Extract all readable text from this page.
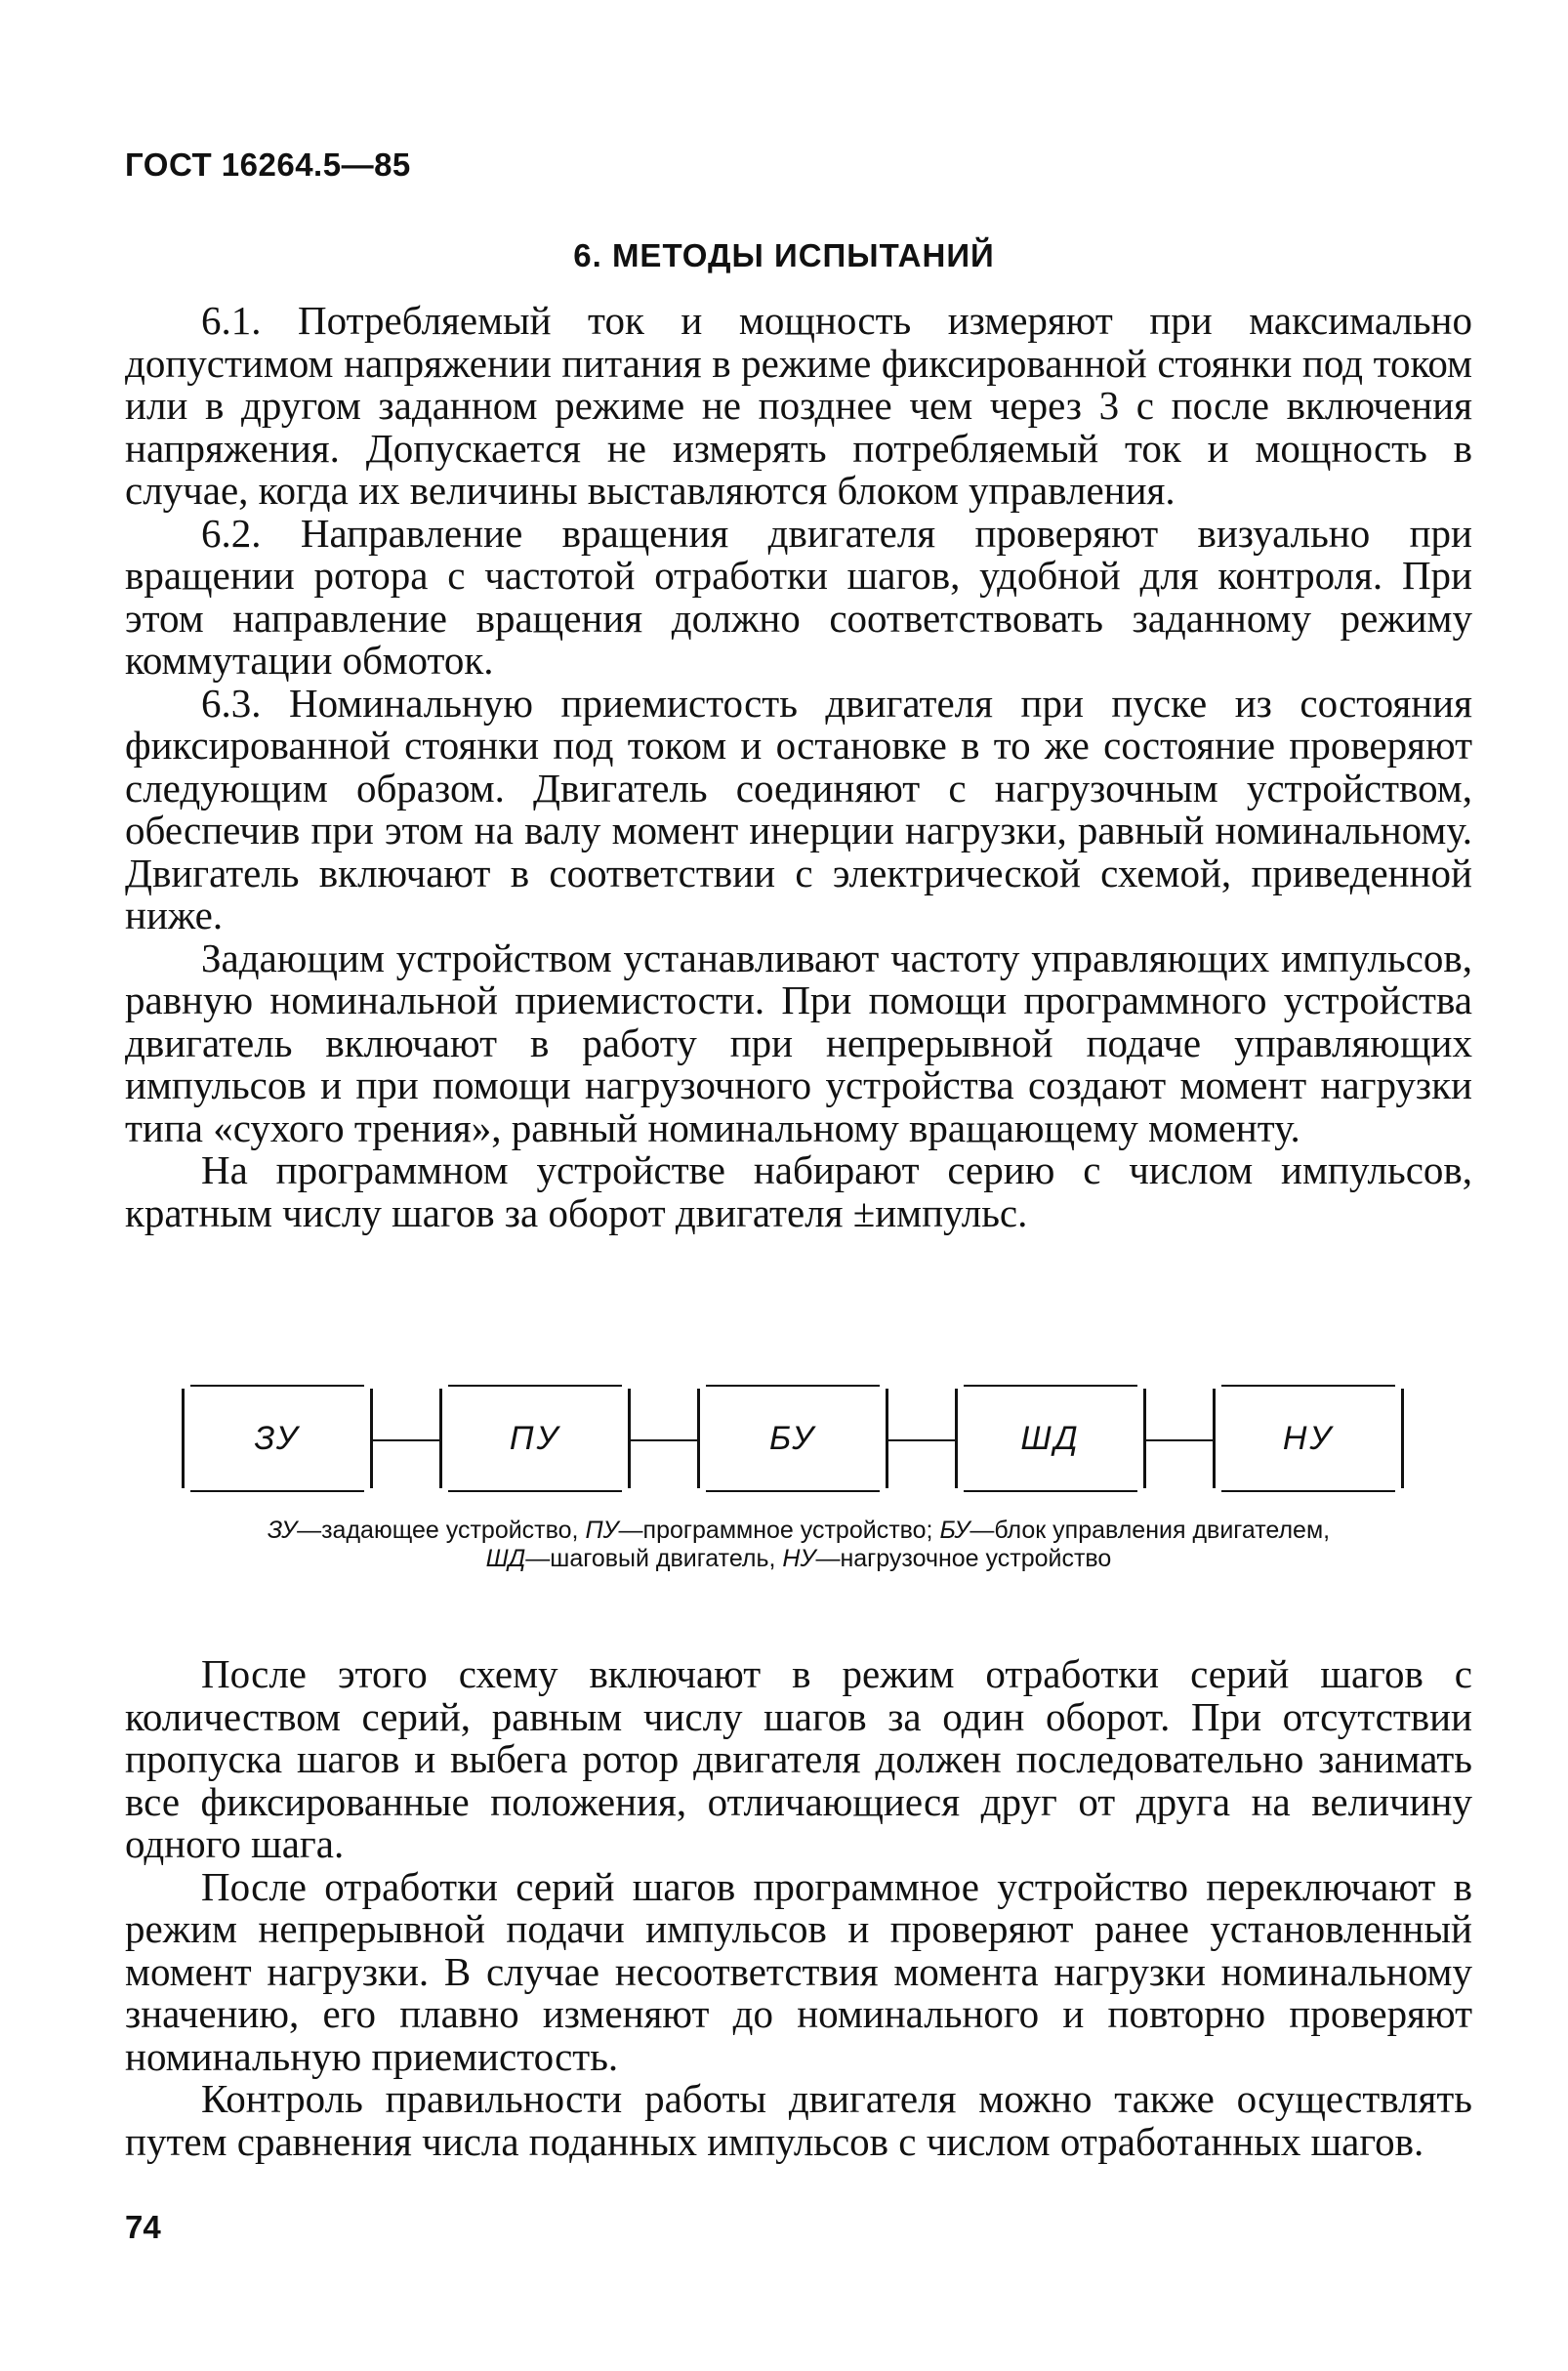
ГОСТ 16264.5—85
6. МЕТОДЫ ИСПЫТАНИЙ

6.1. Потребляемый ток и мощность измеряют при максимально допустимом напряжении питания в режиме фиксированной стоянки под током или в другом заданном режиме не позднее чем через 3 с после включения напряжения. Допускается не измерять потребляемый ток и мощность в случае, когда их величины выставляются блоком управления.

6.2. Направление вращения двигателя проверяют визуально при вращении ротора с частотой отработки шагов, удобной для контроля. При этом направление вращения должно соответствовать заданному режиму коммутации обмоток.

6.3. Номинальную приемистость двигателя при пуске из состояния фиксированной стоянки под током и остановке в то же состояние проверяют следующим образом. Двигатель соединяют с нагрузочным устройством, обеспечив при этом на валу момент инерции нагрузки, равный номинальному. Двигатель включают в соответствии с электрической схемой, приведенной ниже.

Задающим устройством устанавливают частоту управляющих импульсов, равную номинальной приемистости. При помощи программного устройства двигатель включают в работу при непрерывной подаче управляющих импульсов и при помощи нагрузочного устройства создают момент нагрузки типа «сухого трения», равный номинальному вращающему моменту.

На программном устройстве набирают серию с числом импульсов, кратным числу шагов за оборот двигателя ±импульс.

ЗУ	ПУ	БУ	ШД	НУ
ЗУ—задающее устройство, ПУ—программное устройство; БУ—блок управления двигателем,
ШД—шаговый двигатель, НУ—нагрузочное устройство

После этого схему включают в режим отработки серий шагов с количеством серий, равным числу шагов за один оборот. При отсутствии пропуска шагов и выбега ротор двигателя должен последовательно занимать все фиксированные положения, отличающиеся друг от друга на величину одного шага.

После отработки серий шагов программное устройство переключают в режим непрерывной подачи импульсов и проверяют ранее установленный момент нагрузки. В случае несоответствия момента нагрузки номинальному значению, его плавно изменяют до номинального и повторно проверяют номинальную приемистость.

Контроль правильности работы двигателя можно также осуществлять путем сравнения числа поданных импульсов с числом отработанных шагов.

74
